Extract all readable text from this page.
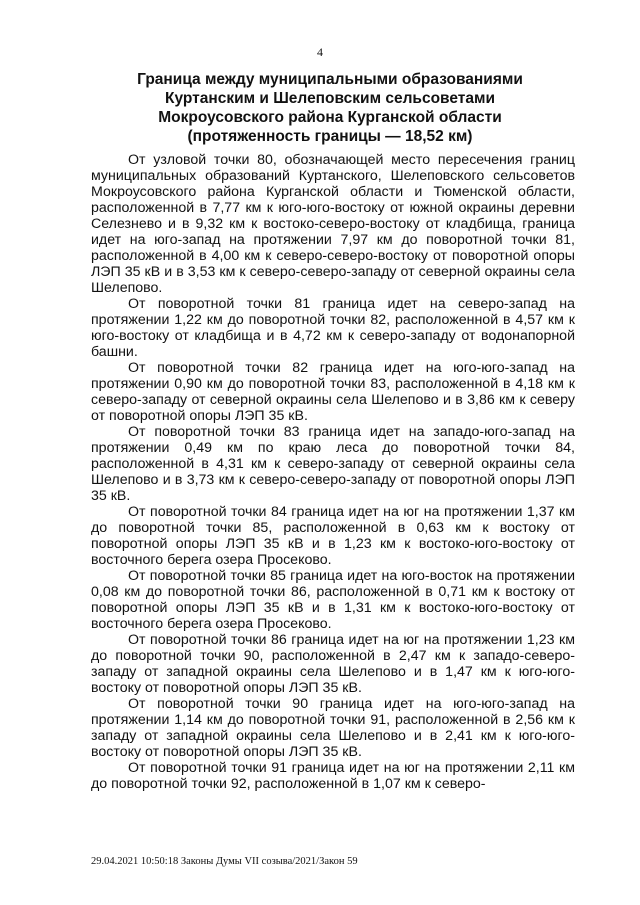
4
Граница между муниципальными образованиями
Куртанским и Шелеповским сельсоветами
Мокроусовского района Курганской области
(протяженность границы — 18,52 км)

От узловой точки 80, обозначающей место пересечения границ муниципальных образований Куртанского, Шелеповского сельсоветов Мокроусовского района Курганской области и Тюменской области, расположенной в 7,77 км к юго-юго-востоку от южной окраины деревни Селезнево и в 9,32 км к востоко-северо-востоку от кладбища, граница идет на юго-запад на протяжении 7,97 км до поворотной точки 81, расположенной в 4,00 км к северо-северо-востоку от поворотной опоры ЛЭП 35 кВ и в 3,53 км к северо-северо-западу от северной окраины села Шелепово.

От поворотной точки 81 граница идет на северо-запад на протяжении 1,22 км до поворотной точки 82, расположенной в 4,57 км к юго-востоку от кладбища и в 4,72 км к северо-западу от водонапорной башни.

От поворотной точки 82 граница идет на юго-юго-запад на протяжении 0,90 км до поворотной точки 83, расположенной в 4,18 км к северо-западу от северной окраины села Шелепово и в 3,86 км к северу от поворотной опоры ЛЭП 35 кВ.

От поворотной точки 83 граница идет на западо-юго-запад на протяжении 0,49 км по краю леса до поворотной точки 84, расположенной в 4,31 км к северо-западу от северной окраины села Шелепово и в 3,73 км к северо-северо-западу от поворотной опоры ЛЭП 35 кВ.

От поворотной точки 84 граница идет на юг на протяжении 1,37 км до поворотной точки 85, расположенной в 0,63 км к востоку от поворотной опоры ЛЭП 35 кВ и в 1,23 км к востоко-юго-востоку от восточного берега озера Просеково.

От поворотной точки 85 граница идет на юго-восток на протяжении 0,08 км до поворотной точки 86, расположенной в 0,71 км к востоку от поворотной опоры ЛЭП 35 кВ и в 1,31 км к востоко-юго-востоку от восточного берега озера Просеково.

От поворотной точки 86 граница идет на юг на протяжении 1,23 км до поворотной точки 90, расположенной в 2,47 км к западо-северо-западу от западной окраины села Шелепово и в 1,47 км к юго-юго-востоку от поворотной опоры ЛЭП 35 кВ.

От поворотной точки 90 граница идет на юго-юго-запад на протяжении 1,14 км до поворотной точки 91, расположенной в 2,56 км к западу от западной окраины села Шелепово и в 2,41 км к юго-юго-востоку от поворотной опоры ЛЭП 35 кВ.

От поворотной точки 91 граница идет на юг на протяжении 2,11 км до поворотной точки 92, расположенной в 1,07 км к северо-

29.04.2021 10:50:18 Законы Думы VII созыва/2021/Закон 59
